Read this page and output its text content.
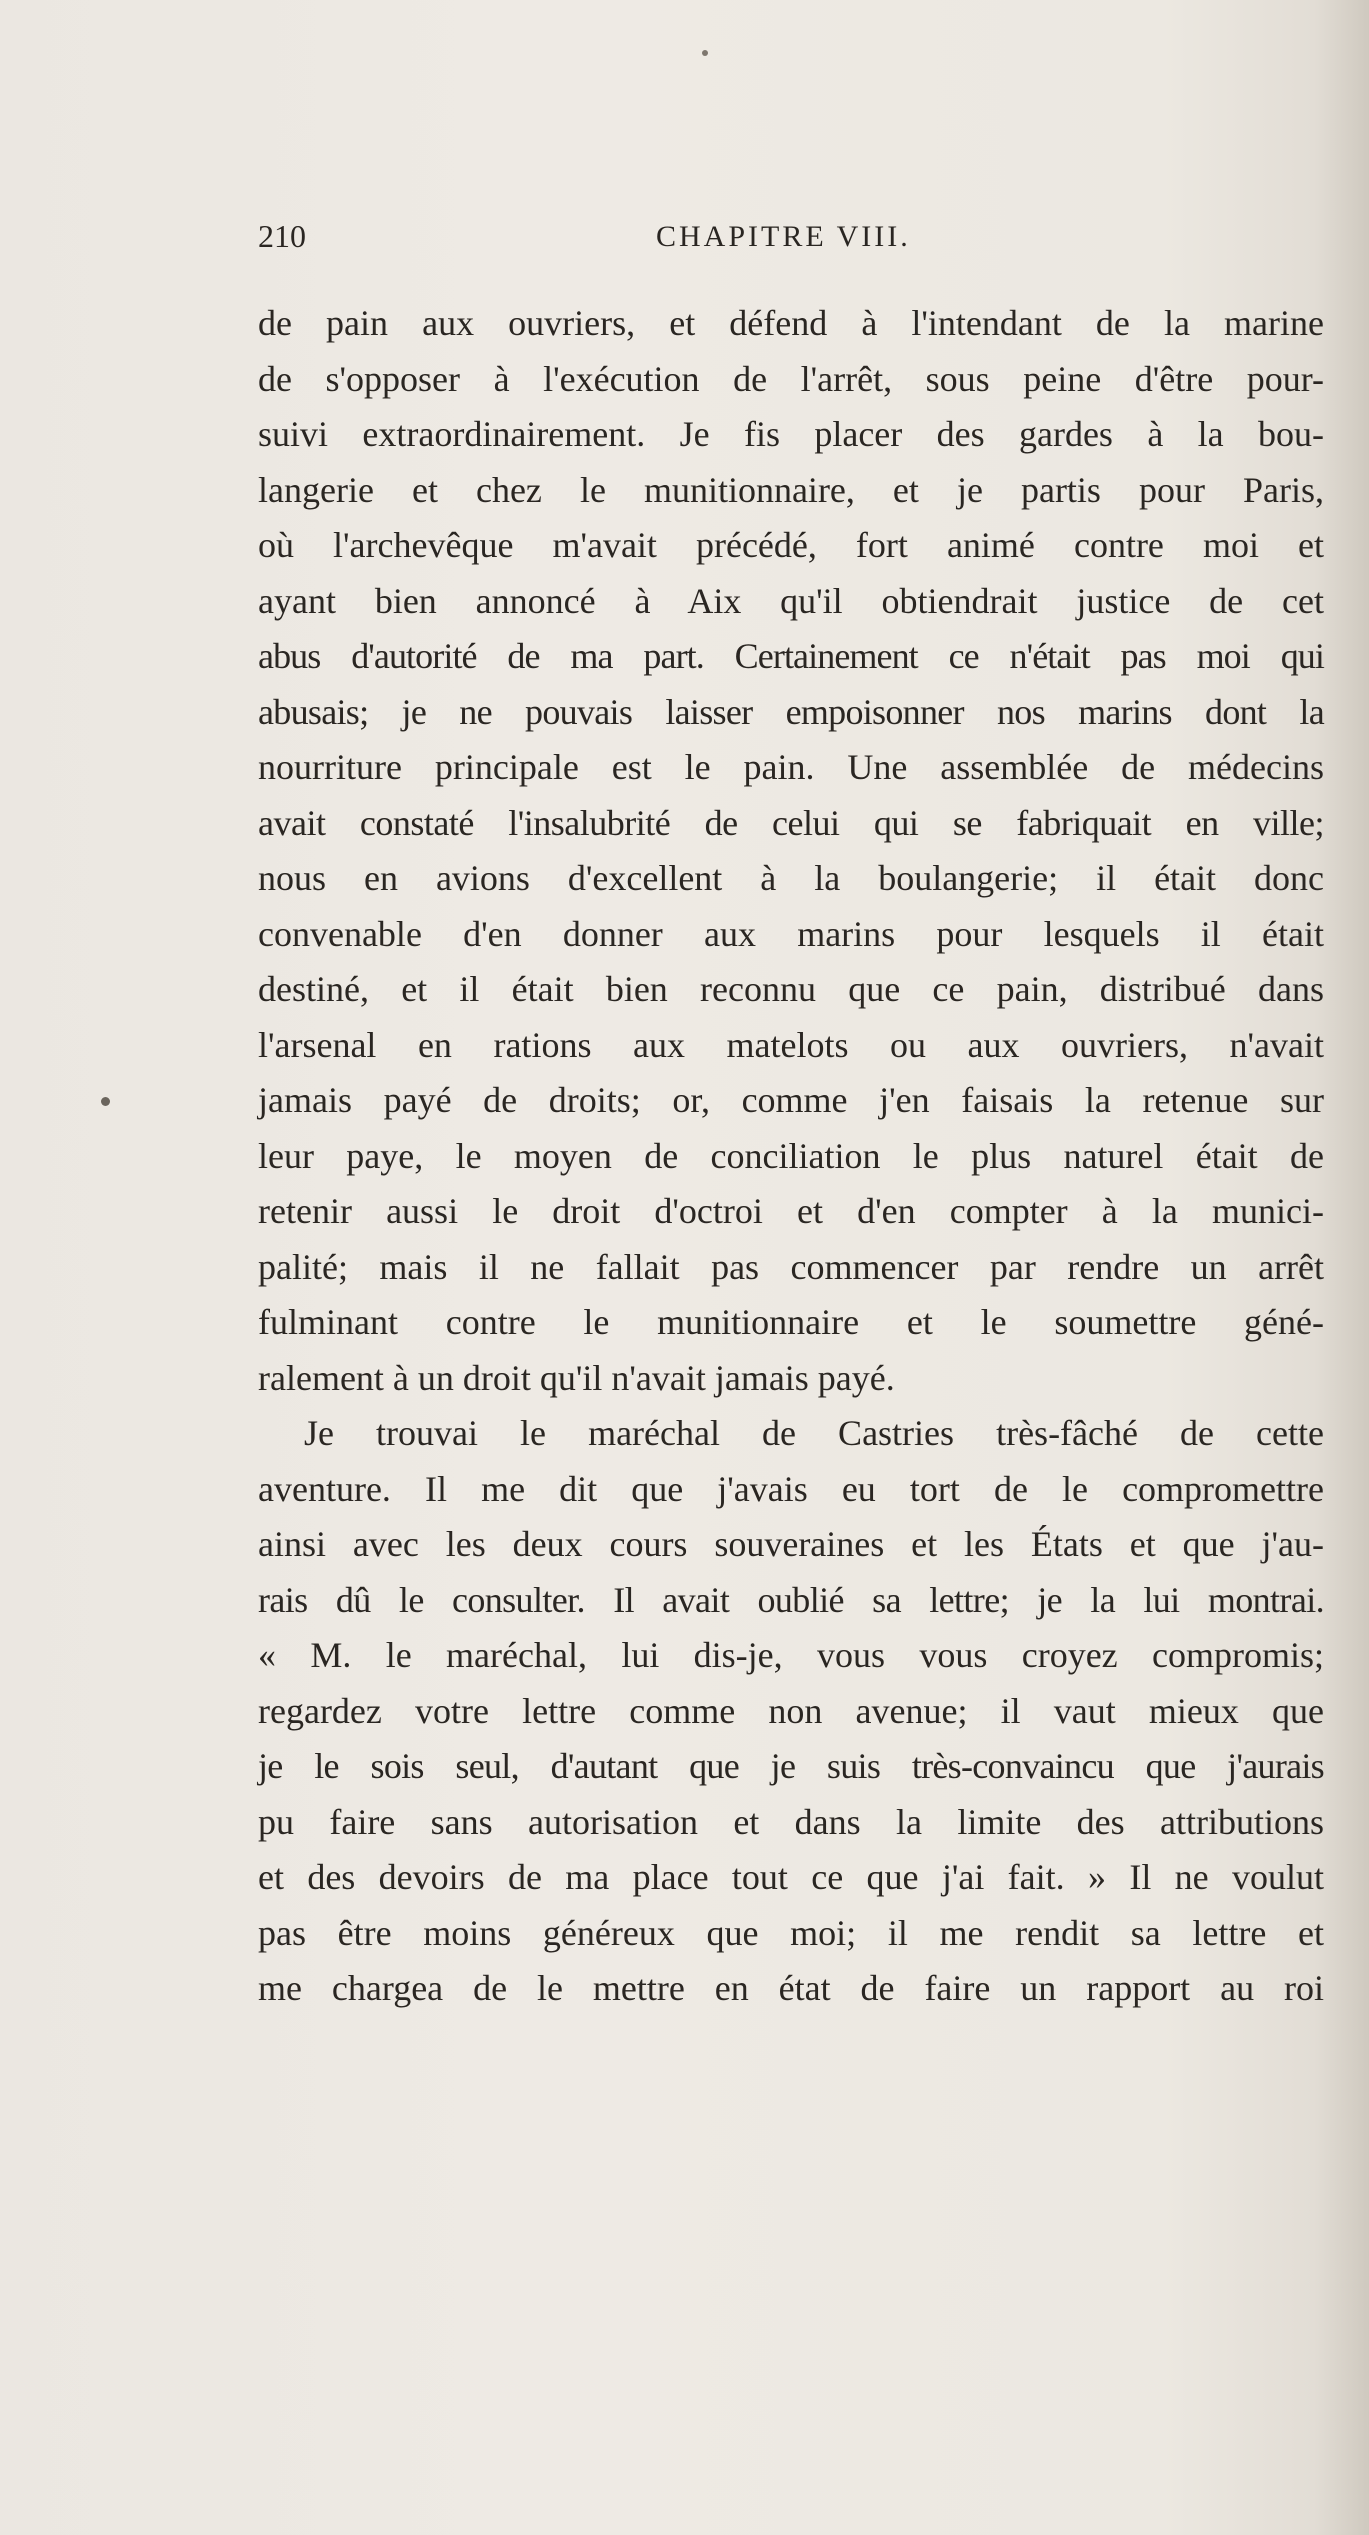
210	CHAPITRE VIII.
de pain aux ouvriers, et défend à l'intendant de la marine
de s'opposer à l'exécution de l'arrêt, sous peine d'être pour-
suivi extraordinairement. Je fis placer des gardes à la bou-
langerie et chez le munitionnaire, et je partis pour Paris,
où l'archevêque m'avait précédé, fort animé contre moi et
ayant bien annoncé à Aix qu'il obtiendrait justice de cet
abus d'autorité de ma part. Certainement ce n'était pas moi qui
abusais; je ne pouvais laisser empoisonner nos marins dont la
nourriture principale est le pain. Une assemblée de médecins
avait constaté l'insalubrité de celui qui se fabriquait en ville;
nous en avions d'excellent à la boulangerie; il était donc
convenable d'en donner aux marins pour lesquels il était
destiné, et il était bien reconnu que ce pain, distribué dans
l'arsenal en rations aux matelots ou aux ouvriers, n'avait
jamais payé de droits; or, comme j'en faisais la retenue sur
leur paye, le moyen de conciliation le plus naturel était de
retenir aussi le droit d'octroi et d'en compter à la munici-
palité; mais il ne fallait pas commencer par rendre un arrêt
fulminant contre le munitionnaire et le soumettre géné-
ralement à un droit qu'il n'avait jamais payé.
Je trouvai le maréchal de Castries très-fâché de cette
aventure. Il me dit que j'avais eu tort de le compromettre
ainsi avec les deux cours souveraines et les États et que j'au-
rais dû le consulter. Il avait oublié sa lettre; je la lui montrai.
« M. le maréchal, lui dis-je, vous vous croyez compromis;
regardez votre lettre comme non avenue; il vaut mieux que
je le sois seul, d'autant que je suis très-convaincu que j'aurais
pu faire sans autorisation et dans la limite des attributions
et des devoirs de ma place tout ce que j'ai fait. » Il ne voulut
pas être moins généreux que moi; il me rendit sa lettre et
me chargea de le mettre en état de faire un rapport au roi
